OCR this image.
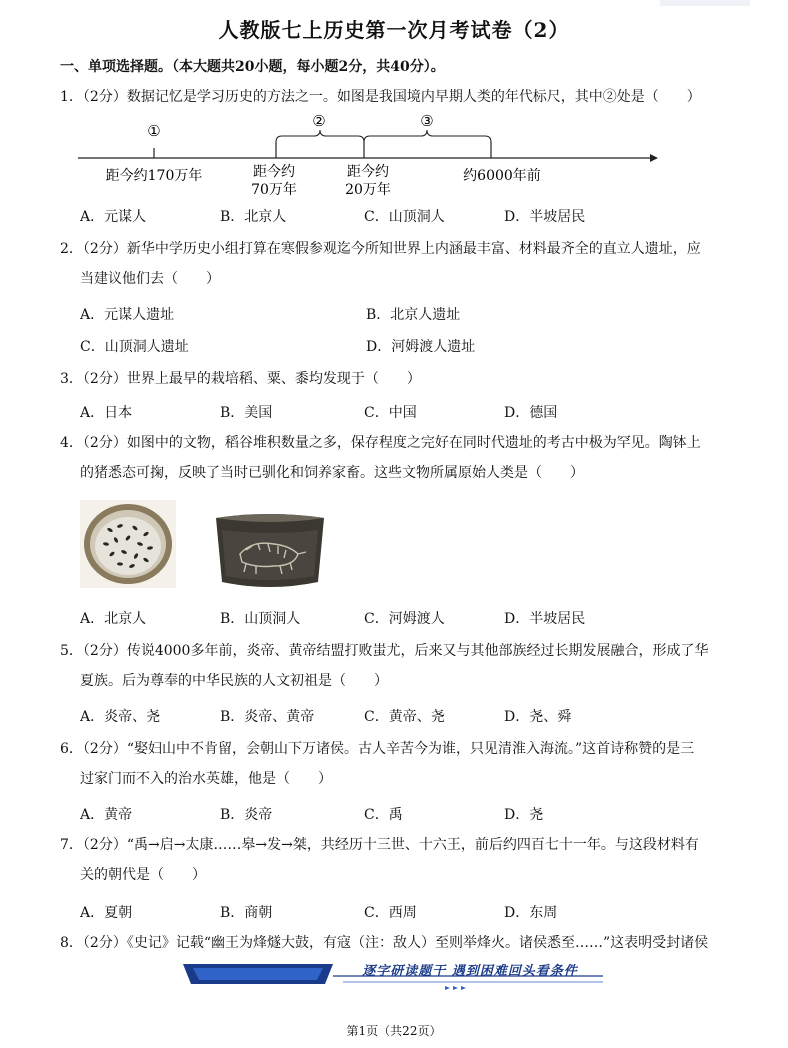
人教版七上历史第一次月考试卷（2）
一、单项选择题。（本大题共20小题，每小题2分，共40分）。
1．（2分）数据记忆是学习历史的方法之一。如图是我国境内早期人类的年代标尺，其中②处是（　　）
①
②	③
距今约170万年	距今约
70万年
距今约
20万年
约6000年前
A．元谋人	B．北京人	C．山顶洞人	D．半坡居民
2．（2分）新华中学历史小组打算在寒假参观迄今所知世界上内涵最丰富、材料最齐全的直立人遗址，应
当建议他们去（　　）
A．元谋人遗址	B．北京人遗址
C．山顶洞人遗址	D．河姆渡人遗址
3．（2分）世界上最早的栽培稻、粟、黍均发现于（　　）
A．日本	B．美国	C．中国	D．德国
4．（2分）如图中的文物，稻谷堆积数量之多，保存程度之完好在同时代遗址的考古中极为罕见。陶钵上
的猪悉态可掬，反映了当时已驯化和饲养家畜。这些文物所属原始人类是（　　）
A．北京人	B．山顶洞人	C．河姆渡人	D．半坡居民
5．（2分）传说4000多年前，炎帝、黄帝结盟打败蚩尤，后来又与其他部族经过长期发展融合，形成了华
夏族。后为尊奉的中华民族的人文初祖是（　　）
A．炎帝、尧	B．炎帝、黄帝	C．黄帝、尧	D．尧、舜
6．（2分）“娶妇山中不肯留，会朝山下万诸侯。古人辛苦今为谁，只见清淮入海流。”这首诗称赞的是三
过家门而不入的治水英雄，他是（　　）
A．黄帝	B．炎帝	C．禹	D．尧
7．（2分）“禹→启→太康……皋→发→桀，共经历十三世、十六王，前后约四百七十一年。与这段材料有
关的朝代是（　　）
A．夏朝	B．商朝	C．西周	D．东周
8．（2分）《史记》记载“幽王为烽燧大鼓，有寇（注：敌人）至则举烽火。诸侯悉至……”这表明受封诸侯
逐字研读题干 遇到困难回头看条件
第1页（共22页）
